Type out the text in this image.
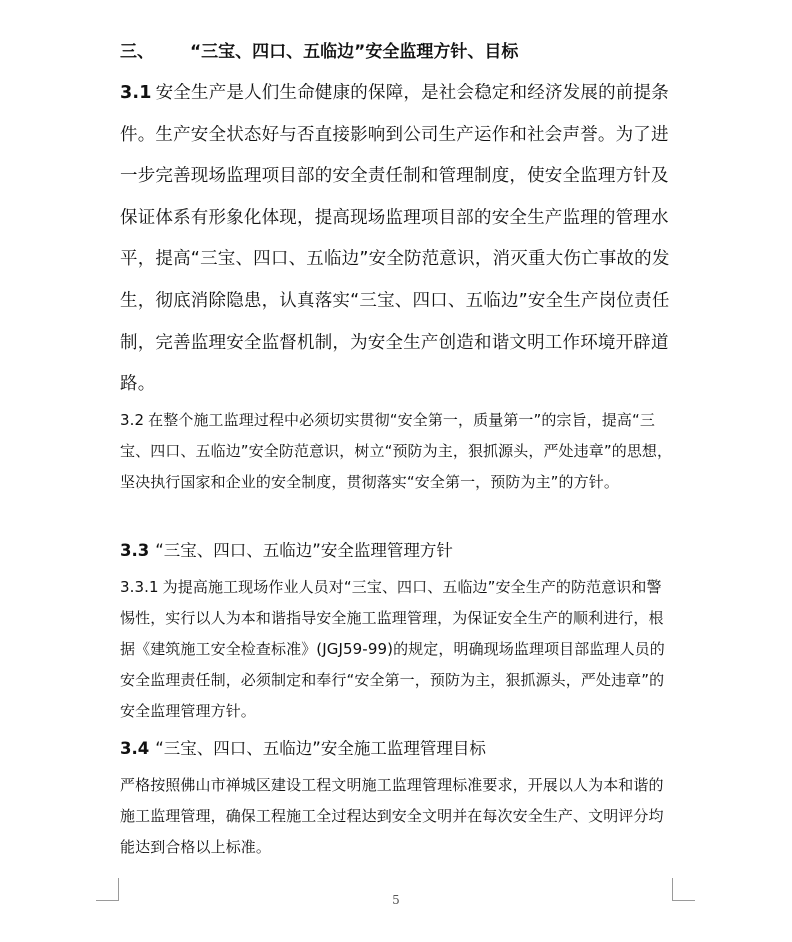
三、 “三宝、四口、五临边”安全监理方针、目标
3.1 安全生产是人们生命健康的保障，是社会稳定和经济发展的前提条件。生产安全状态好与否直接影响到公司生产运作和社会声誉。为了进一步完善现场监理项目部的安全责任制和管理制度，使安全监理方针及保证体系有形象化体现，提高现场监理项目部的安全生产监理的管理水平，提高“三宝、四口、五临边”安全防范意识，消灭重大伤亡事故的发生，彻底消除隐患，认真落实“三宝、四口、五临边”安全生产岗位责任制，完善监理安全监督机制，为安全生产创造和谐文明工作环境开辟道路。
3.2 在整个施工监理过程中必须切实贯彻“安全第一，质量第一”的宗旨，提高“三宝、四口、五临边”安全防范意识，树立“预防为主，狠抓源头，严处违章”的思想，坚决执行国家和企业的安全制度，贯彻落实“安全第一，预防为主”的方针。
3.3 “三宝、四口、五临边”安全监理管理方针
3.3.1 为提高施工现场作业人员对“三宝、四口、五临边”安全生产的防范意识和警惕性，实行以人为本和谐指导安全施工监理管理，为保证安全生产的顺利进行，根据《建筑施工安全检查标准》(JGJ59-99)的规定，明确现场监理项目部监理人员的安全监理责任制，必须制定和奉行“安全第一，预防为主，狠抓源头，严处违章”的安全监理管理方针。
3.4 “三宝、四口、五临边”安全施工监理管理目标
严格按照佛山市禅城区建设工程文明施工监理管理标准要求，开展以人为本和谐的施工监理管理，确保工程施工全过程达到安全文明并在每次安全生产、文明评分均能达到合格以上标准。
5
